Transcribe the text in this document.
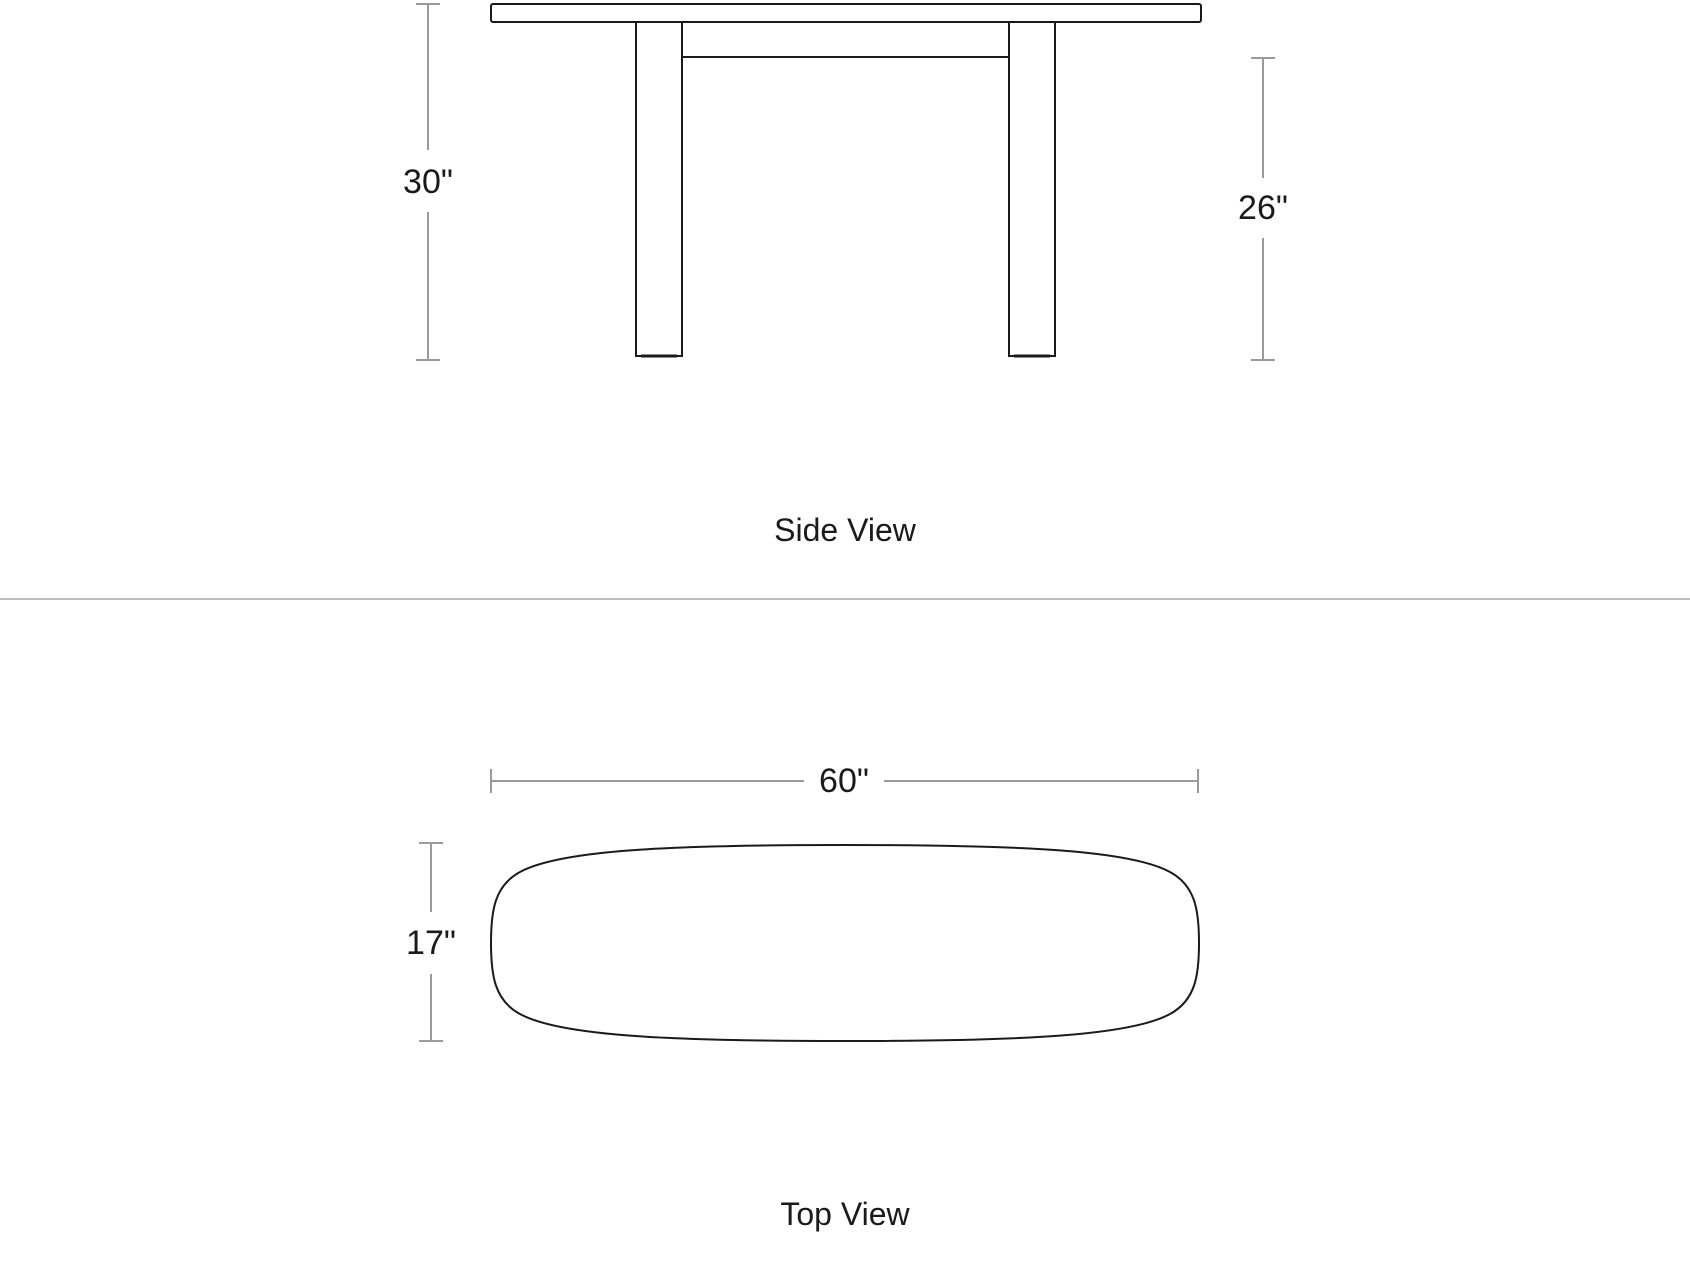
30"
26"
Side View
60"
17"
Top View
